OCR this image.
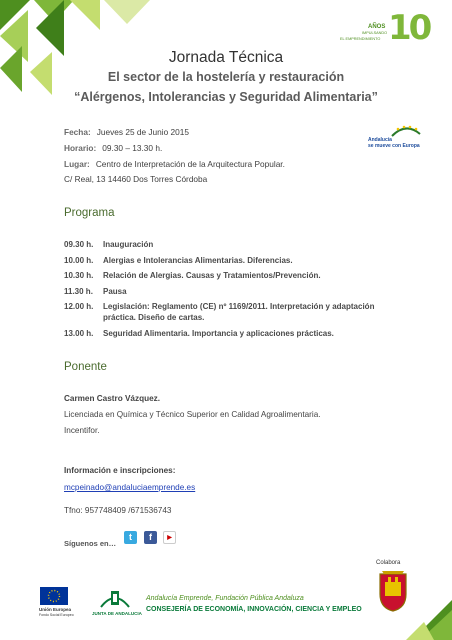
AÑOS
IMPULSANDO
EL EMPRENDIMIENTO 10
Jornada Técnica
El sector de la hostelería y restauración
“Alérgenos, Intolerancias y Seguridad Alimentaria”
Fecha: Jueves 25 de Junio 2015
Horario: 09.30 – 13.30 h.
Lugar: Centro de Interpretación de la Arquitectura Popular.
C/ Real, 13 14460 Dos Torres Córdoba
Andalucía
se mueve con Europa
Programa
09.30 h.	Inauguración
10.00 h.	Alergias e Intolerancias Alimentarias. Diferencias.
10.30 h.	Relación de Alergias. Causas y Tratamientos/Prevención.
11.30 h.	Pausa
12.00 h.	Legislación: Reglamento (CE) nº 1169/2011. Interpretación y adaptación práctica. Diseño de cartas.
13.00 h.	Seguridad Alimentaria. Importancia y aplicaciones prácticas.
Ponente
Carmen Castro Vázquez.
Licenciada en Química y Técnico Superior en Calidad Agroalimentaria.
Incentifor.
Información e inscripciones:
mcpeinado@andaluciaemprende.es
Tfno: 957748409 /671536743
Síguenos en…
t	f	▶
Colabora
Unión Europea
Fondo Social Europeo	JUNTA DE ANDALUCIA
Andalucía Emprende, Fundación Pública Andaluza
CONSEJERÍA DE ECONOMÍA, INNOVACIÓN, CIENCIA Y EMPLEO
